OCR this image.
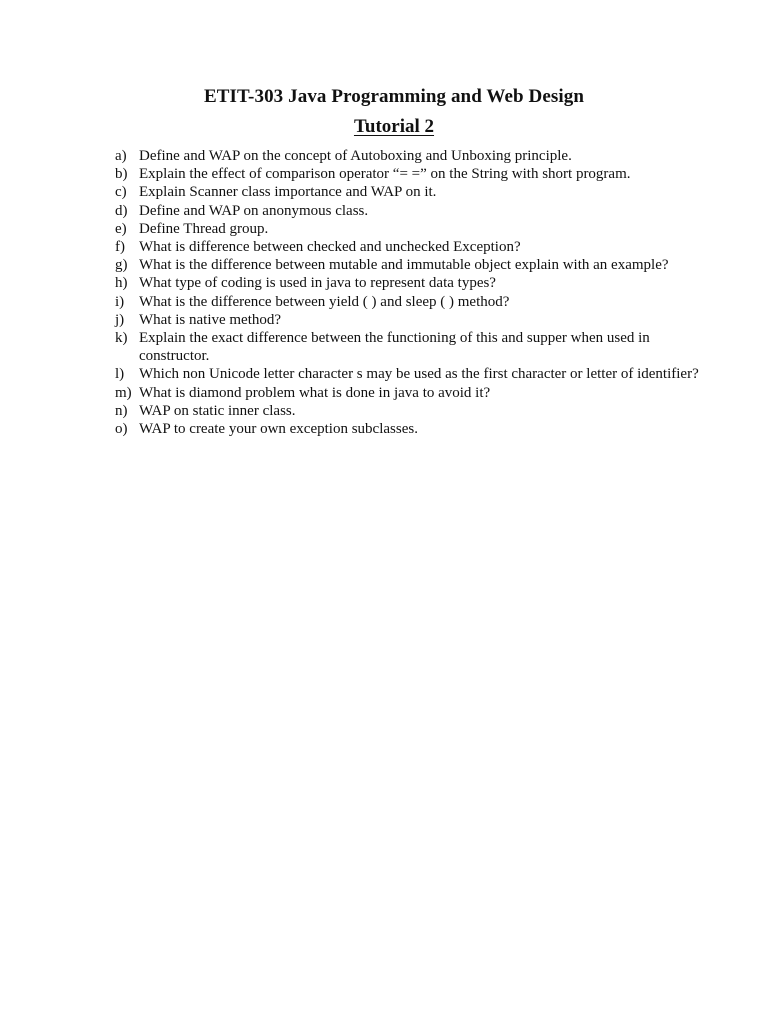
ETIT-303 Java Programming and Web Design
Tutorial 2
a) Define and WAP on the concept of Autoboxing and Unboxing principle.
b) Explain the effect of comparison operator “= =” on the String with short program.
c) Explain Scanner class importance and WAP on it.
d) Define and WAP on anonymous class.
e) Define Thread group.
f) What is difference between checked and unchecked Exception?
g) What is the difference between mutable and immutable object explain with an example?
h) What type of coding is used in java to represent data types?
i) What is the difference between yield ( ) and sleep ( ) method?
j) What is native method?
k) Explain the exact difference between the functioning of this and supper when used in constructor.
l) Which non Unicode letter character s may be used as the first character or letter of identifier?
m) What is diamond problem what is done in java to avoid it?
n) WAP on static inner class.
o) WAP to create your own exception subclasses.
